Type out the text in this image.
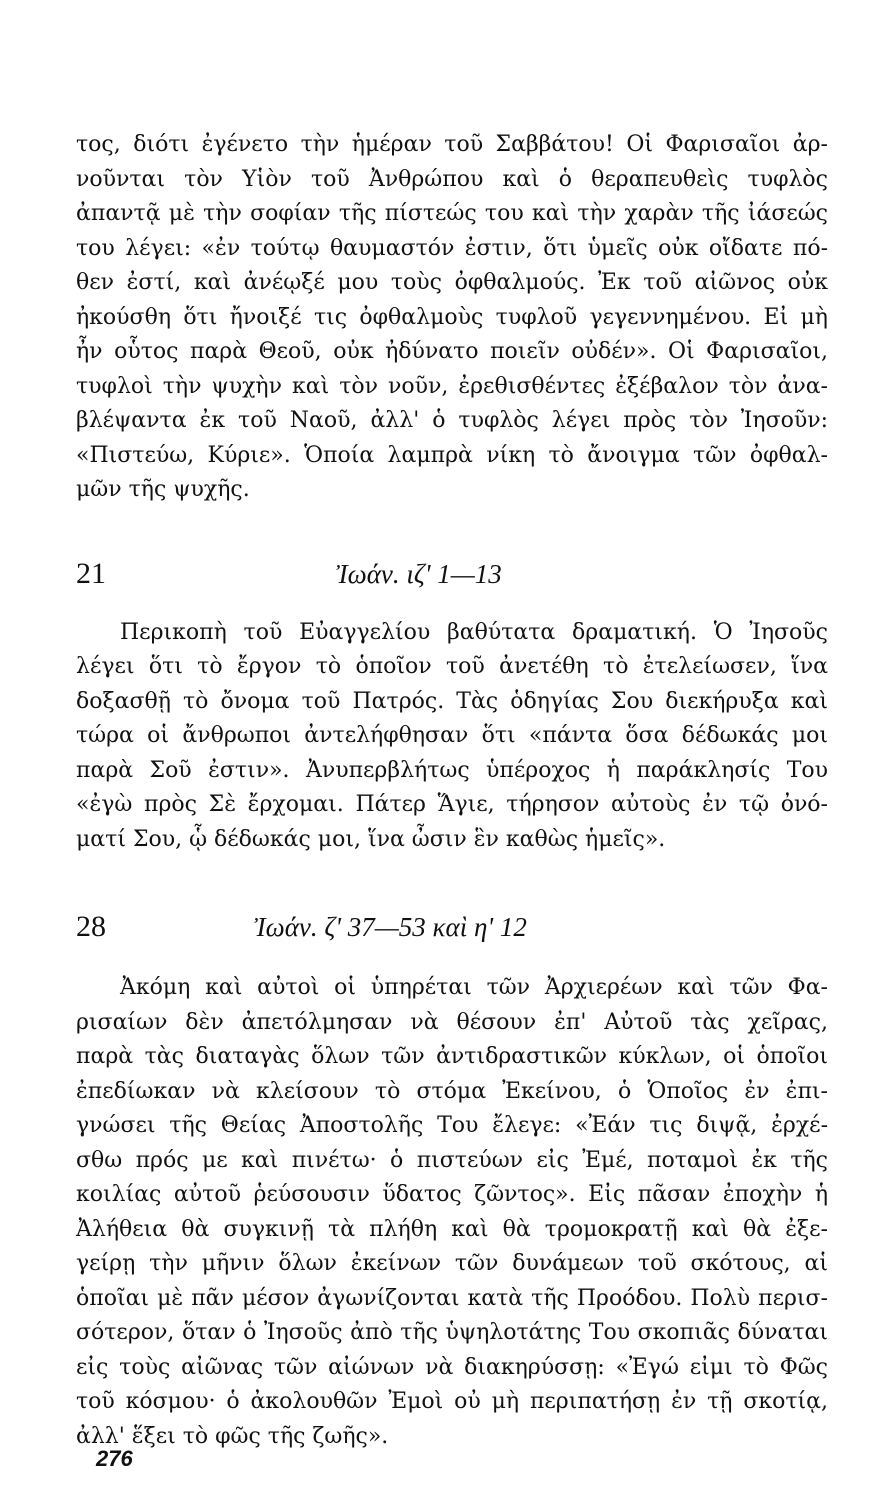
τος, διότι ἐγένετο τὴν ἡμέραν τοῦ Σαββάτου! Οἱ Φαρισαῖοι ἀρ-
νοῦνται τὸν Υἱὸν τοῦ Ἀνθρώπου καὶ ὁ θεραπευθεὶς τυφλὸς
ἀπαντᾷ μὲ τὴν σοφίαν τῆς πίστεώς του καὶ τὴν χαρὰν τῆς ἰάσεώς
του λέγει: «ἐν τούτῳ θαυμαστόν ἐστιν, ὅτι ὑμεῖς οὐκ οἴδατε πό-
θεν ἐστί, καὶ ἀνέῳξέ μου τοὺς ὀφθαλμούς. Ἐκ τοῦ αἰῶνος οὐκ
ἠκούσθη ὅτι ἤνοιξέ τις ὀφθαλμοὺς τυφλοῦ γεγεννημένου. Εἰ μὴ
ἦν οὗτος παρὰ Θεοῦ, οὐκ ἠδύνατο ποιεῖν οὐδέν». Οἱ Φαρισαῖοι,
τυφλοὶ τὴν ψυχὴν καὶ τὸν νοῦν, ἐρεθισθέντες ἐξέβαλον τὸν ἀνα-
βλέψαντα ἐκ τοῦ Ναοῦ, ἀλλ' ὁ τυφλὸς λέγει πρὸς τὸν Ἰησοῦν:
«Πιστεύω, Κύριε». Ὁποία λαμπρὰ νίκη τὸ ἄνοιγμα τῶν ὀφθαλ-
μῶν τῆς ψυχῆς.
21	Ἰωάν. ιζ' 1—13
Περικοπὴ τοῦ Εὐαγγελίου βαθύτατα δραματική. Ὁ Ἰησοῦς
λέγει ὅτι τὸ ἔργον τὸ ὁποῖον τοῦ ἀνετέθη τὸ ἐτελείωσεν, ἵνα
δοξασθῇ τὸ ὄνομα τοῦ Πατρός. Τὰς ὁδηγίας Σου διεκήρυξα καὶ
τώρα οἱ ἄνθρωποι ἀντελήφθησαν ὅτι «πάντα ὅσα δέδωκάς μοι
παρὰ Σοῦ ἐστιν». Ἀνυπερβλήτως ὑπέροχος ἡ παράκλησίς Του
«ἐγὼ πρὸς Σὲ ἔρχομαι. Πάτερ Ἅγιε, τήρησον αὐτοὺς ἐν τῷ ὀνό-
ματί Σου, ᾧ δέδωκάς μοι, ἵνα ὦσιν ἓν καθὼς ἡμεῖς».
28	Ἰωάν. ζ' 37—53 καὶ η' 12
Ἀκόμη καὶ αὐτοὶ οἱ ὑπηρέται τῶν Ἀρχιερέων καὶ τῶν Φα-
ρισαίων δὲν ἀπετόλμησαν νὰ θέσουν ἐπ' Αὐτοῦ τὰς χεῖρας,
παρὰ τὰς διαταγὰς ὅλων τῶν ἀντιδραστικῶν κύκλων, οἱ ὁποῖοι
ἐπεδίωκαν νὰ κλείσουν τὸ στόμα Ἐκείνου, ὁ Ὁποῖος ἐν ἐπι-
γνώσει τῆς Θείας Ἀποστολῆς Του ἔλεγε: «Ἐάν τις διψᾷ, ἐρχέ-
σθω πρός με καὶ πινέτω· ὁ πιστεύων εἰς Ἐμέ, ποταμοὶ ἐκ τῆς
κοιλίας αὐτοῦ ῥεύσουσιν ὕδατος ζῶντος». Εἰς πᾶσαν ἐποχὴν ἡ
Ἀλήθεια θὰ συγκινῇ τὰ πλήθη καὶ θὰ τρομοκρατῇ καὶ θὰ ἐξε-
γείρῃ τὴν μῆνιν ὅλων ἐκείνων τῶν δυνάμεων τοῦ σκότους, αἱ
ὁποῖαι μὲ πᾶν μέσον ἀγωνίζονται κατὰ τῆς Προόδου. Πολὺ περισ-
σότερον, ὅταν ὁ Ἰησοῦς ἀπὸ τῆς ὑψηλοτάτης Του σκοπιᾶς δύναται
εἰς τοὺς αἰῶνας τῶν αἰώνων νὰ διακηρύσσῃ: «Ἐγώ εἰμι τὸ Φῶς
τοῦ κόσμου· ὁ ἀκολουθῶν Ἐμοὶ οὐ μὴ περιπατήσῃ ἐν τῇ σκοτίᾳ,
ἀλλ' ἕξει τὸ φῶς τῆς ζωῆς».
276
